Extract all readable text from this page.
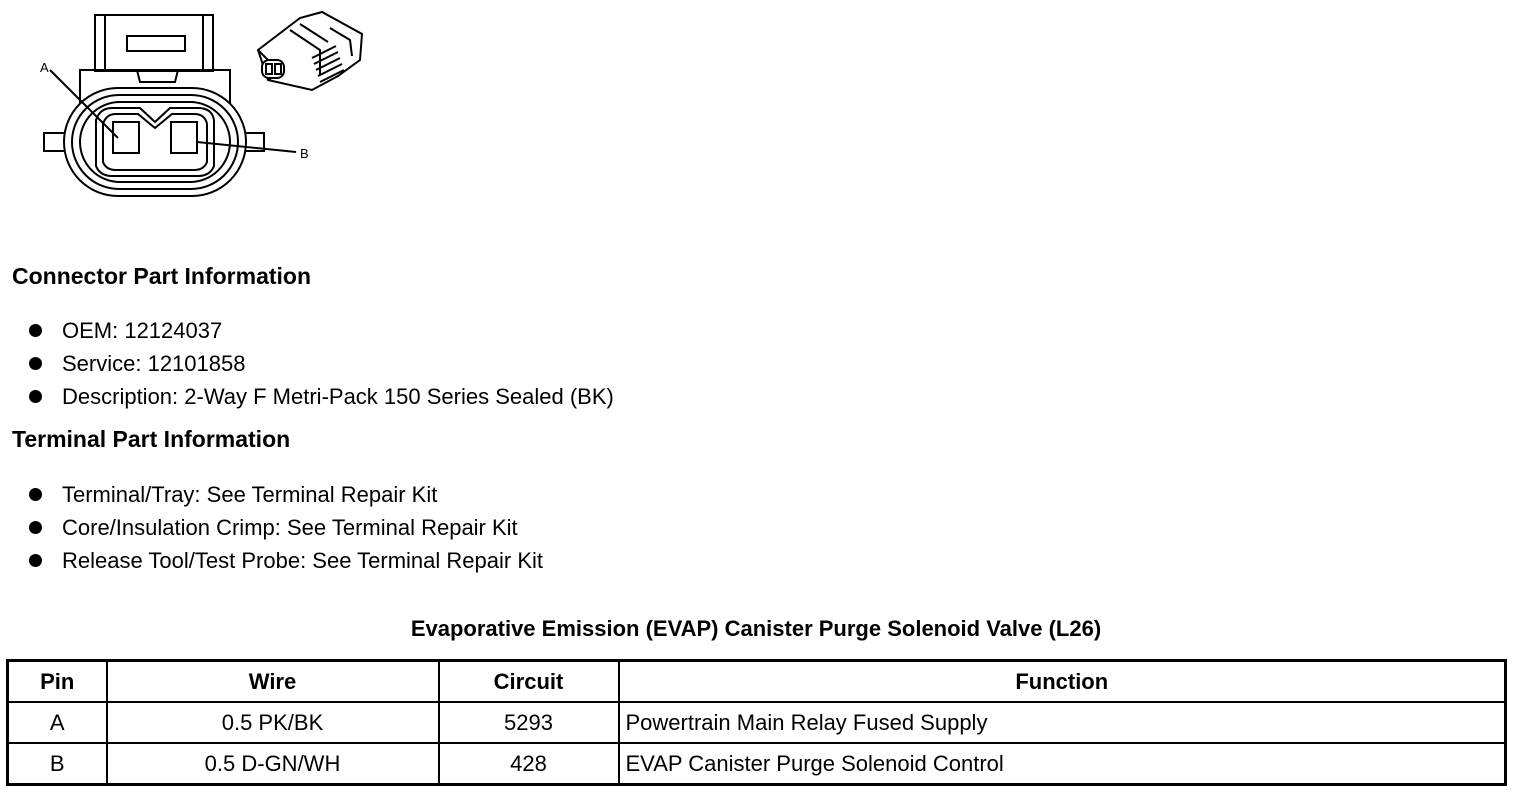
A
B
Connector Part Information
OEM: 12124037
Service: 12101858
Description: 2-Way F Metri-Pack 150 Series Sealed (BK)
Terminal Part Information
Terminal/Tray: See Terminal Repair Kit
Core/Insulation Crimp: See Terminal Repair Kit
Release Tool/Test Probe: See Terminal Repair Kit
Evaporative Emission (EVAP) Canister Purge Solenoid Valve (L26)
Pin	Wire	Circuit	Function
A	0.5 PK/BK	5293	Powertrain Main Relay Fused Supply
B	0.5 D-GN/WH	428	EVAP Canister Purge Solenoid Control
